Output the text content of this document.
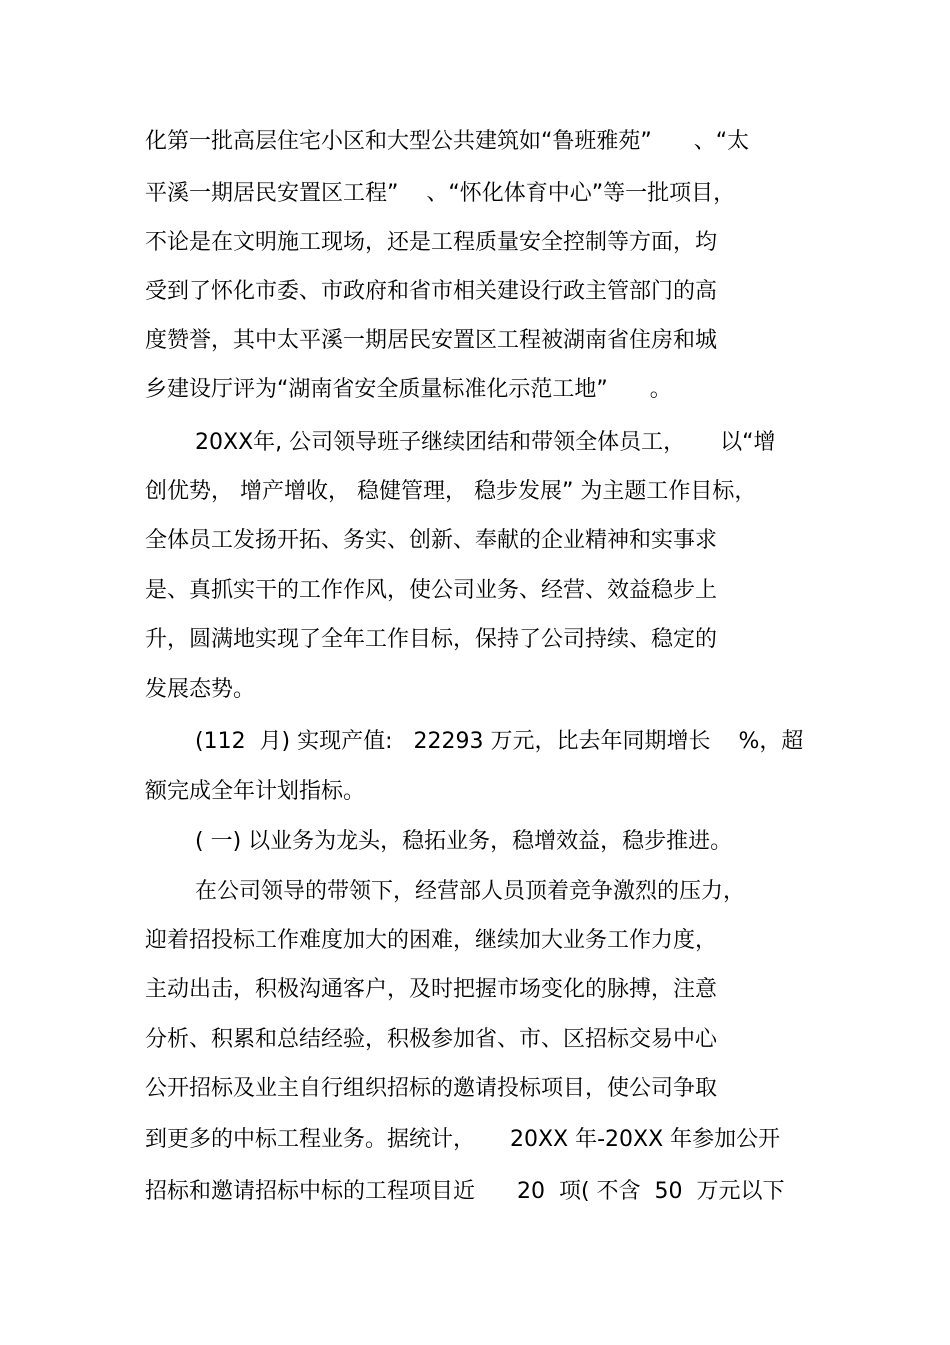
化第一批高层住宅小区和大型公共建筑如“鲁班雅苑”      、“太
平溪一期居民安置区工程”    、“怀化体育中心”等一批项目，
不论是在文明施工现场，还是工程质量安全控制等方面，均
受到了怀化市委、市政府和省市相关建设行政主管部门的高
度赞誉，其中太平溪一期居民安置区工程被湖南省住房和城
乡建设厅评为“湖南省安全质量标准化示范工地”      。
20XX年, 公司领导班子继续团结和带领全体员工，     以“增
创优势， 增产增收， 稳健管理， 稳步发展” 为主题工作目标，
全体员工发扬开拓、务实、创新、奉献的企业精神和实事求
是、真抓实干的工作作风，使公司业务、经营、效益稳步上
升，圆满地实现了全年工作目标，保持了公司持续、稳定的
发展态势。
(112  月) 实现产值:   22293 万元，比去年同期增长    %，超
额完成全年计划指标。
( 一) 以业务为龙头，稳拓业务，稳增效益，稳步推进。
在公司领导的带领下，经营部人员顶着竞争激烈的压力，
迎着招投标工作难度加大的困难，继续加大业务工作力度，
主动出击，积极沟通客户，及时把握市场变化的脉搏，注意
分析、积累和总结经验，积极参加省、市、区招标交易中心
公开招标及业主自行组织招标的邀请投标项目，使公司争取
到更多的中标工程业务。据统计，     20XX 年-20XX 年参加公开
招标和邀请招标中标的工程项目近      20  项( 不含  50  万元以下
